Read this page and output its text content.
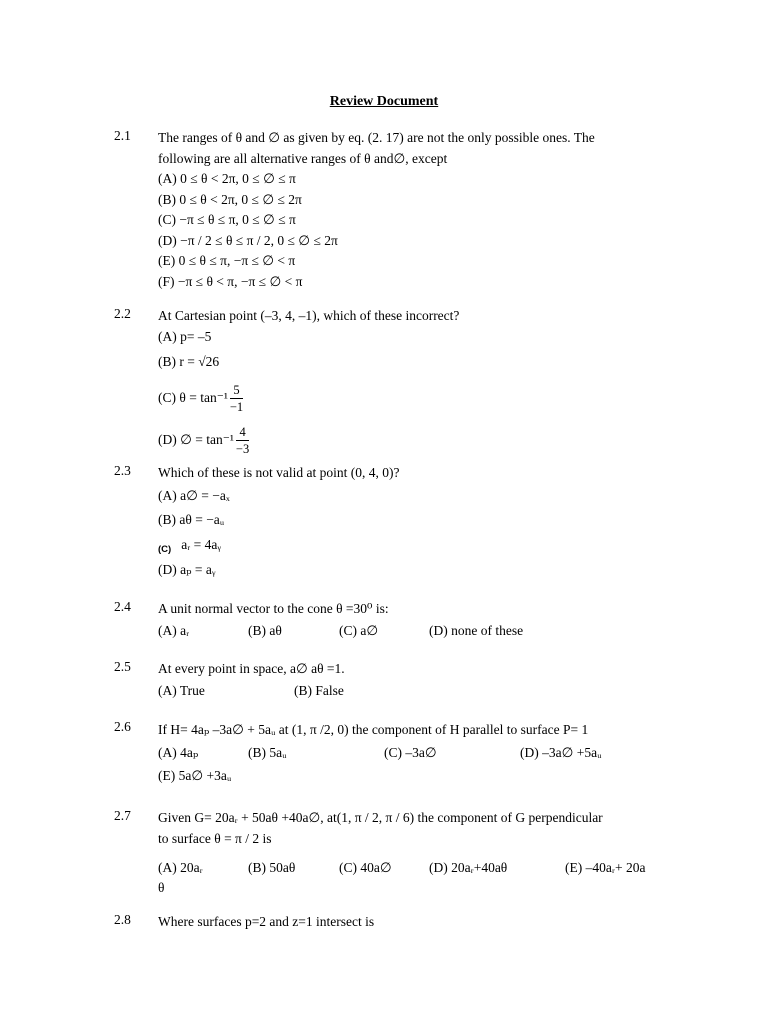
Review Document
2.1 The ranges of θ and ∅ as given by eq. (2. 17) are not the only possible ones. The
following are all alternative ranges of θ and∅, except
(A) 0 ≤ θ < 2π, 0 ≤ ∅ ≤ π
(B) 0 ≤ θ < 2π, 0 ≤ ∅ ≤ 2π
(C) −π ≤ θ ≤ π, 0 ≤ ∅ ≤ π
(D) −π / 2 ≤ θ ≤ π / 2, 0 ≤ ∅ ≤ 2π
(E) 0 ≤ θ ≤ π, −π ≤ ∅ < π
(F) −π ≤ θ < π, −π ≤ ∅ < π
2.2 At Cartesian point (–3, 4, –1), which of these incorrect?
(A) p= –5
(B) r = √26
(C) $\theta = \tan^{-1} \frac{5}{-1}$
(D) ∅ = $\tan^{-1} \frac{4}{-3}$
2.3 Which of these is not valid at point (0, 4, 0)?
(A) a∅ = −aₓ
(B) aθ = −aᵤ
$_{(C)}$ aᵣ = 4aᵧ
(D) aₚ = aᵧ
2.4 A unit normal vector to the cone θ =30⁰ is:
(A) aᵣ	(B) aθ	(C) a∅	(D) none of these
2.5 At every point in space, a∅ aθ =1.
(A) True	(B) False
2.6 If H= 4aₚ –3a∅ + 5aᵤ at (1, π /2, 0) the component of H parallel to surface P= 1
(A) 4aₚ	(B) 5aᵤ	(C) –3a∅	(D) –3a∅ +5aᵤ
(E) 5a∅ +3aᵤ
2.7 Given G= 20aᵣ + 50aθ +40a∅, at(1, π / 2, π / 6) the component of G perpendicular
to surface θ = π / 2 is
(A) 20aᵣ	(B) 50aθ	(C) 40a∅	(D) 20aᵣ+40aθ	(E) –40aᵣ+ 20a
θ
2.8 Where surfaces p=2 and z=1 intersect is
